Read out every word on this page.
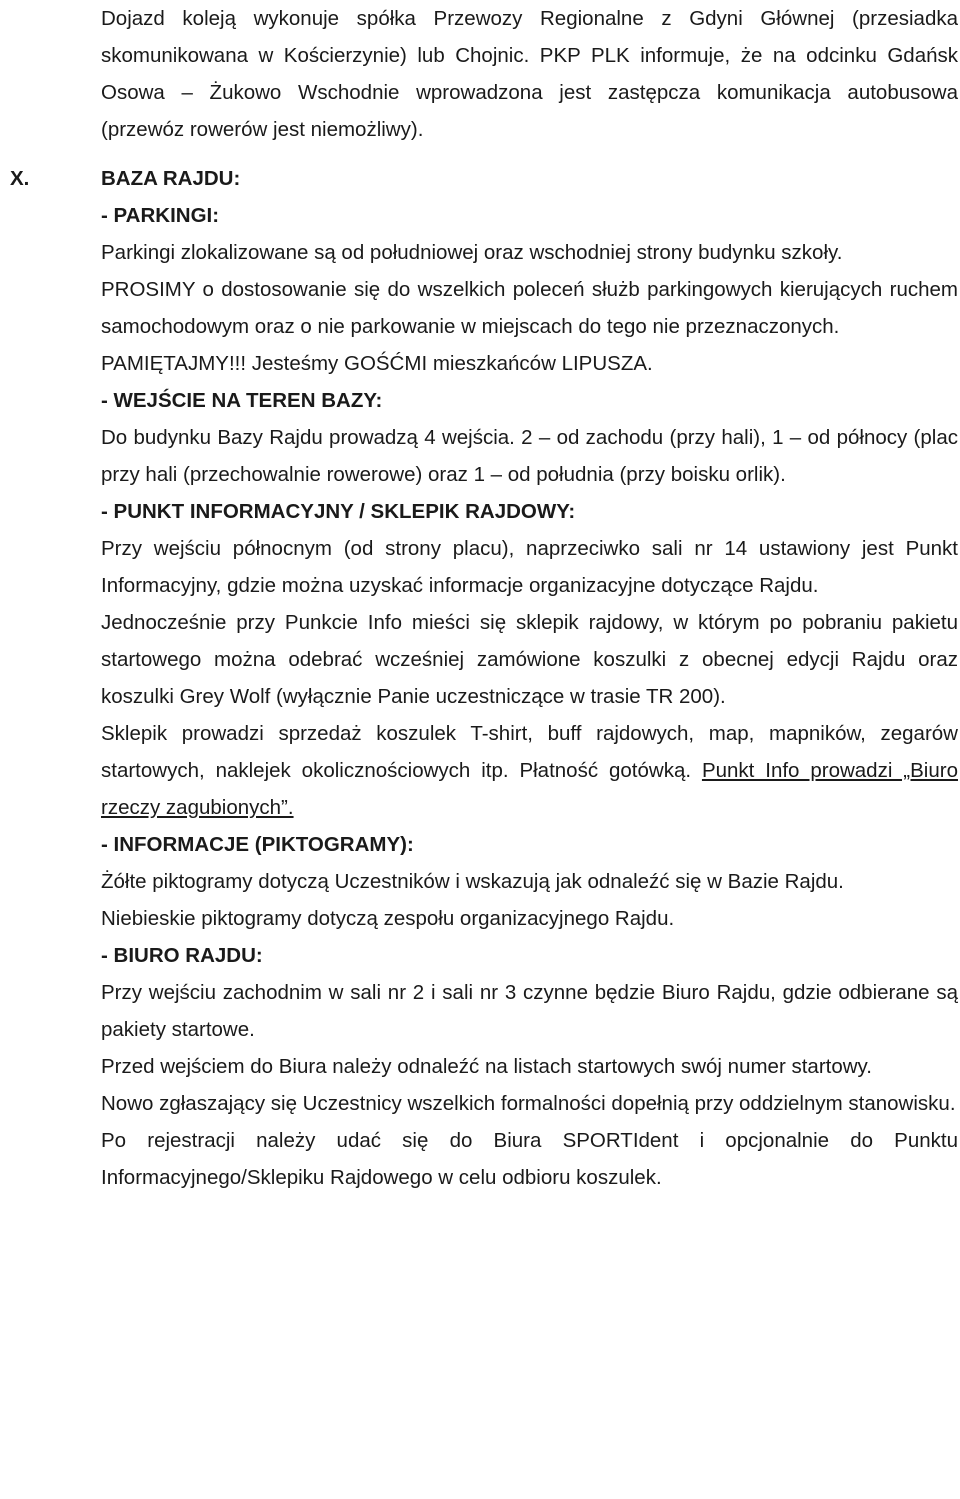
Dojazd koleją wykonuje spółka Przewozy Regionalne z Gdyni Głównej (przesiadka skomunikowana w Kościerzynie) lub Chojnic. PKP PLK informuje, że na odcinku Gdańsk Osowa – Żukowo Wschodnie wprowadzona jest zastępcza komunikacja autobusowa (przewóz rowerów jest niemożliwy).

X.	BAZA RAJDU:

- PARKINGI:

Parkingi zlokalizowane są od południowej oraz wschodniej strony budynku szkoły.

PROSIMY o dostosowanie się do wszelkich poleceń służb parkingowych kierujących ruchem samochodowym oraz o nie parkowanie w miejscach do tego nie przeznaczonych.

PAMIĘTAJMY!!! Jesteśmy GOŚĆMI mieszkańców LIPUSZA.

- WEJŚCIE NA TEREN BAZY:

Do budynku Bazy Rajdu prowadzą 4 wejścia. 2 – od zachodu (przy hali), 1 – od północy (plac przy hali (przechowalnie rowerowe) oraz 1 – od południa (przy boisku orlik).

- PUNKT INFORMACYJNY / SKLEPIK RAJDOWY:

Przy wejściu północnym (od strony placu), naprzeciwko sali nr 14 ustawiony jest Punkt Informacyjny, gdzie można uzyskać informacje organizacyjne dotyczące Rajdu.

Jednocześnie przy Punkcie Info mieści się sklepik rajdowy, w którym po pobraniu pakietu startowego można odebrać wcześniej zamówione koszulki z obecnej edycji Rajdu oraz koszulki Grey Wolf (wyłącznie Panie uczestniczące w trasie TR 200).

Sklepik prowadzi sprzedaż koszulek T-shirt, buff rajdowych, map, mapników, zegarów startowych, naklejek okolicznościowych itp. Płatność gotówką. Punkt Info prowadzi „Biuro rzeczy zagubionych”.

- INFORMACJE (PIKTOGRAMY):

Żółte piktogramy dotyczą Uczestników i wskazują jak odnaleźć się w Bazie Rajdu.

Niebieskie piktogramy dotyczą zespołu organizacyjnego Rajdu.

- BIURO RAJDU:

Przy wejściu zachodnim w sali nr 2 i sali nr 3 czynne będzie Biuro Rajdu, gdzie odbierane są pakiety startowe.

Przed wejściem do Biura należy odnaleźć na listach startowych swój numer startowy.

Nowo zgłaszający się Uczestnicy wszelkich formalności dopełnią przy oddzielnym stanowisku.

Po rejestracji należy udać się do Biura SPORTIdent i opcjonalnie do Punktu Informacyjnego/Sklepiku Rajdowego w celu odbioru koszulek.
